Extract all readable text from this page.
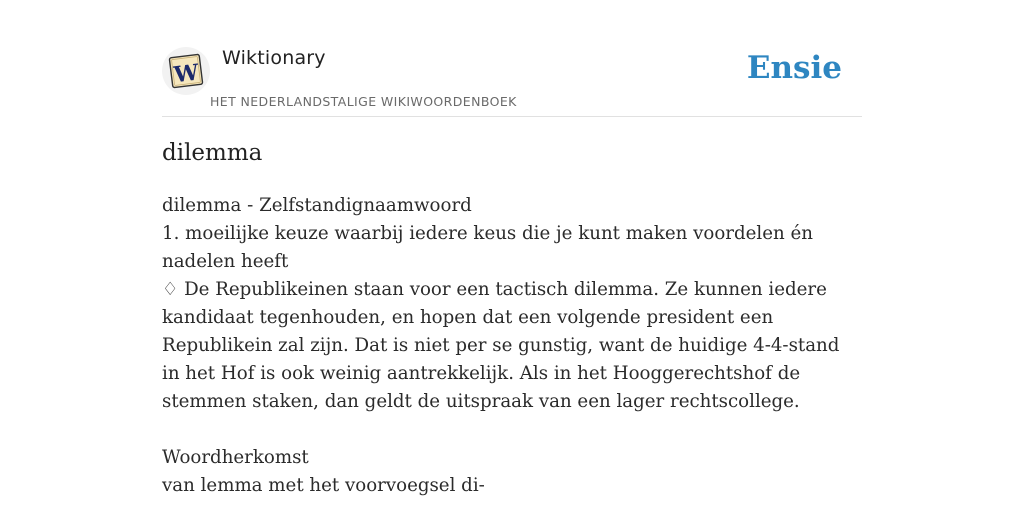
W
Wiktionary
HET NEDERLANDSTALIGE WIKIWOORDENBOEK
Ensie
dilemma

dilemma - Zelfstandignaamwoord

1. moeilijke keuze waarbij iedere keus die je kunt maken voordelen én nadelen heeft

♢ De Republikeinen staan voor een tactisch dilemma. Ze kunnen iedere kandidaat tegenhouden, en hopen dat een volgende president een Republikein zal zijn. Dat is niet per se gunstig, want de huidige 4-4-stand in het Hof is ook weinig aantrekkelijk. Als in het Hooggerechtshof de stemmen staken, dan geldt de uitspraak van een lager rechtscollege.

Woordherkomst

van lemma met het voorvoegsel di-
